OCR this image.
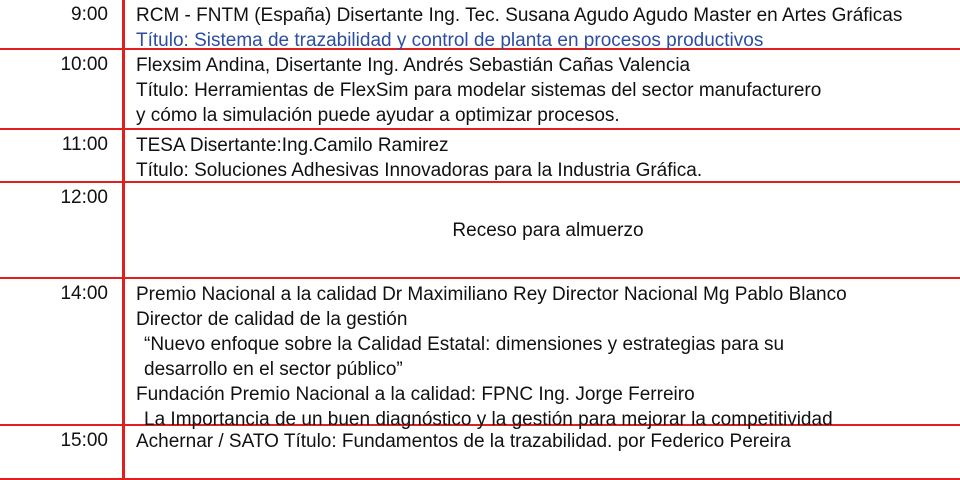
9:00	RCM - FNTM (España) Disertante Ing. Tec. Susana Agudo Agudo Master en Artes Gráficas
Título: Sistema de trazabilidad y control de planta en procesos productivos
10:00	Flexsim Andina, Disertante Ing. Andrés Sebastián Cañas Valencia
Título: Herramientas de FlexSim para modelar sistemas del sector manufacturero
y cómo la simulación puede ayudar a optimizar procesos.
11:00	TESA Disertante:Ing.Camilo Ramirez
Título: Soluciones Adhesivas Innovadoras para la Industria Gráfica.
12:00
Receso para almuerzo
14:00	Premio Nacional a la calidad Dr Maximiliano Rey Director Nacional Mg Pablo Blanco
Director de calidad de la gestión
“Nuevo enfoque sobre la Calidad Estatal: dimensiones y estrategias para su
desarrollo en el sector público”
Fundación Premio Nacional a la calidad: FPNC Ing. Jorge Ferreiro
La Importancia de un buen diagnóstico y la gestión para mejorar la competitividad
15:00	Achernar / SATO Título: Fundamentos de la trazabilidad. por Federico Pereira
